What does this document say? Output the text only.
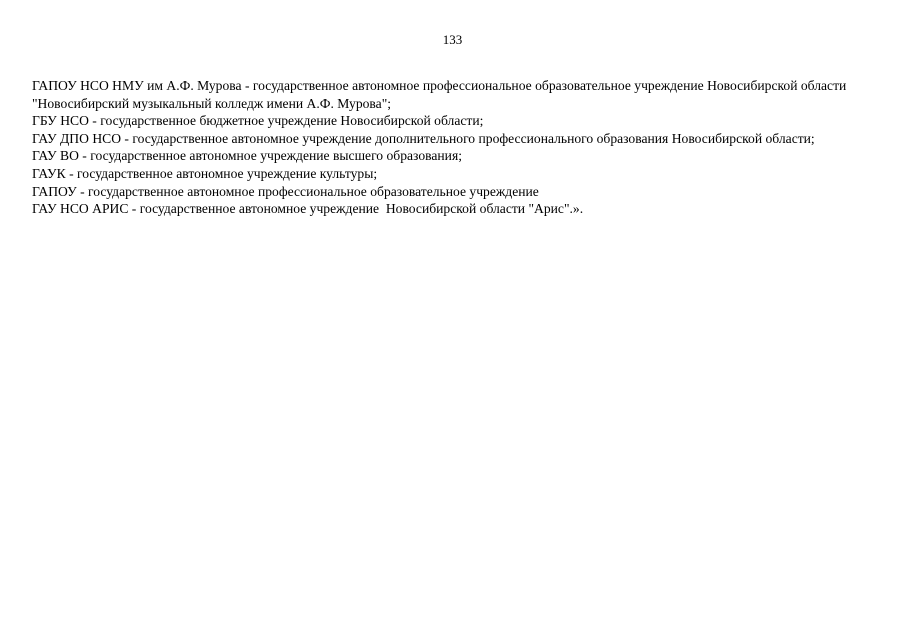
133
ГАПОУ НСО НМУ им А.Ф. Мурова - государственное автономное профессиональное образовательное учреждение Новосибирской области "Новосибирский музыкальный колледж имени А.Ф. Мурова";
ГБУ НСО - государственное бюджетное учреждение Новосибирской области;
ГАУ ДПО НСО - государственное автономное учреждение дополнительного профессионального образования Новосибирской области;
ГАУ ВО - государственное автономное учреждение высшего образования;
ГАУК - государственное автономное учреждение культуры;
ГАПОУ - государственное автономное профессиональное образовательное учреждение
ГАУ НСО АРИС - государственное автономное учреждение  Новосибирской области "Арис".».
